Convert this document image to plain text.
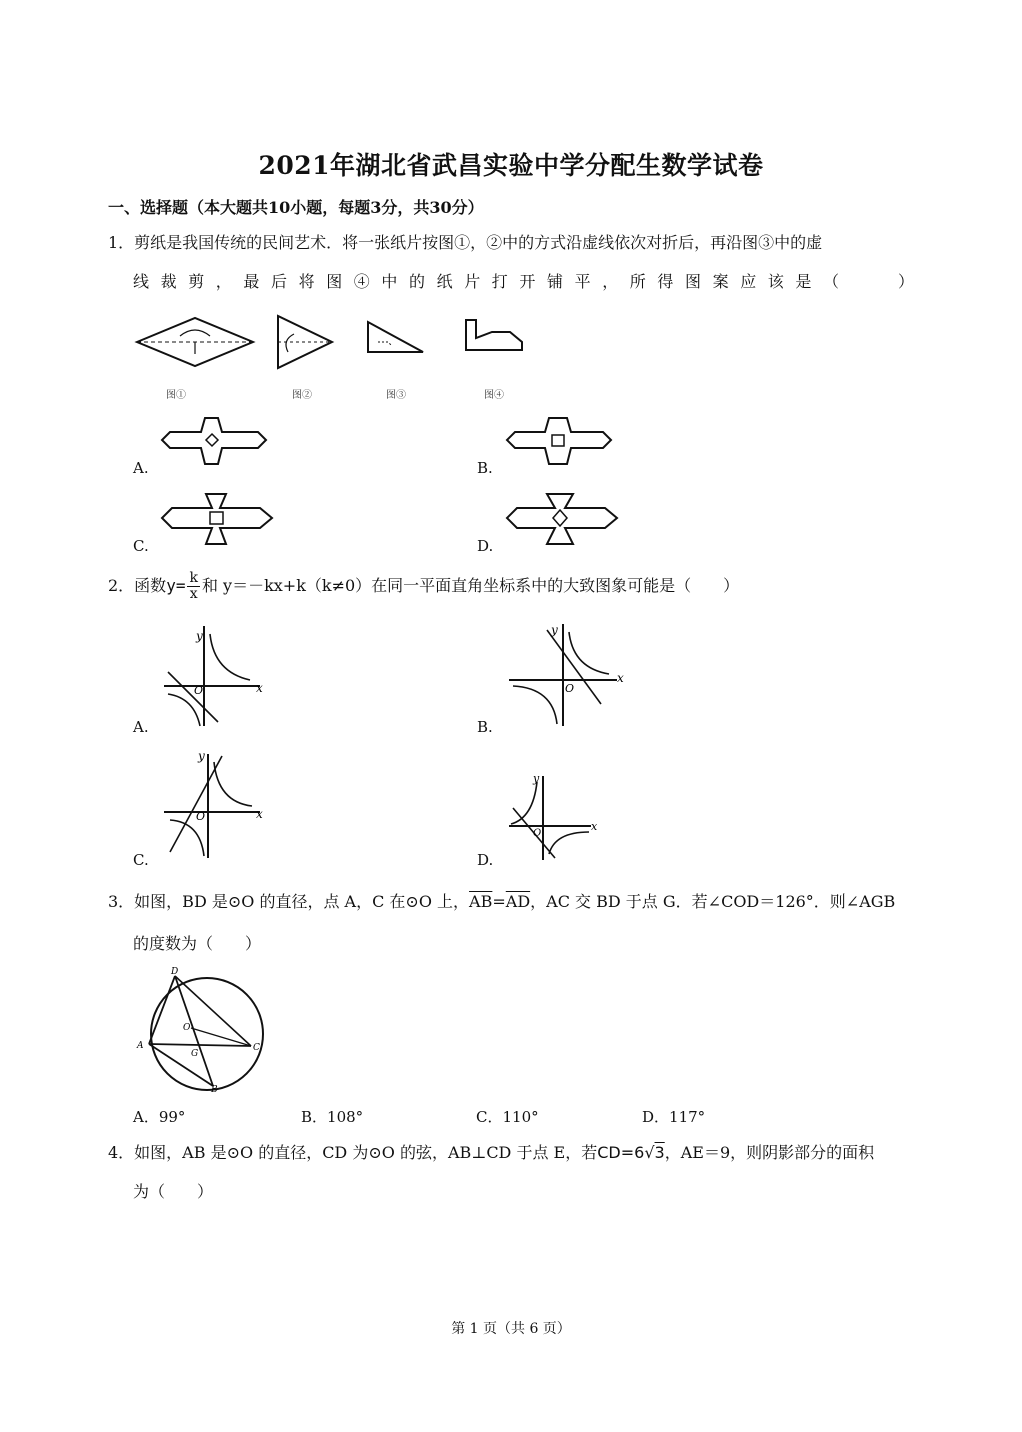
2021年湖北省武昌实验中学分配生数学试卷
一、选择题（本大题共10小题，每题3分，共30分）
1．剪纸是我国传统的民间艺术．将一张纸片按图①，②中的方式沿虚线依次对折后，再沿图③中的虚
线裁剪，最后将图④中的纸片打开铺平，所得图案应该是（	）
图①	图②	图③	图④
A.	B.
C.	D.
2．函数$y= \frac{k}{x}$ 和 y＝－kx+k（k≠0）在同一平面直角坐标系中的大致图象可能是（　　）
A.
y
x
O
B.
y
x
O
C.
y
x
O
D.
y
x
O
3．如图，BD 是⊙O 的直径，点 A，C 在⊙O 上，$\overline{AB}=\overline{AD}$，AC 交 BD 于点 G．若∠COD＝126°．则∠AGB
的度数为（　　）
D
O
A
G
C
B
A．99°	B．108°	C．110°	D．117°
4．如图，AB 是⊙O 的直径，CD 为⊙O 的弦，AB⊥CD 于点 E，若CD=6√3，AE＝9，则阴影部分的面积
为（　　）
第 1 页（共 6 页）
